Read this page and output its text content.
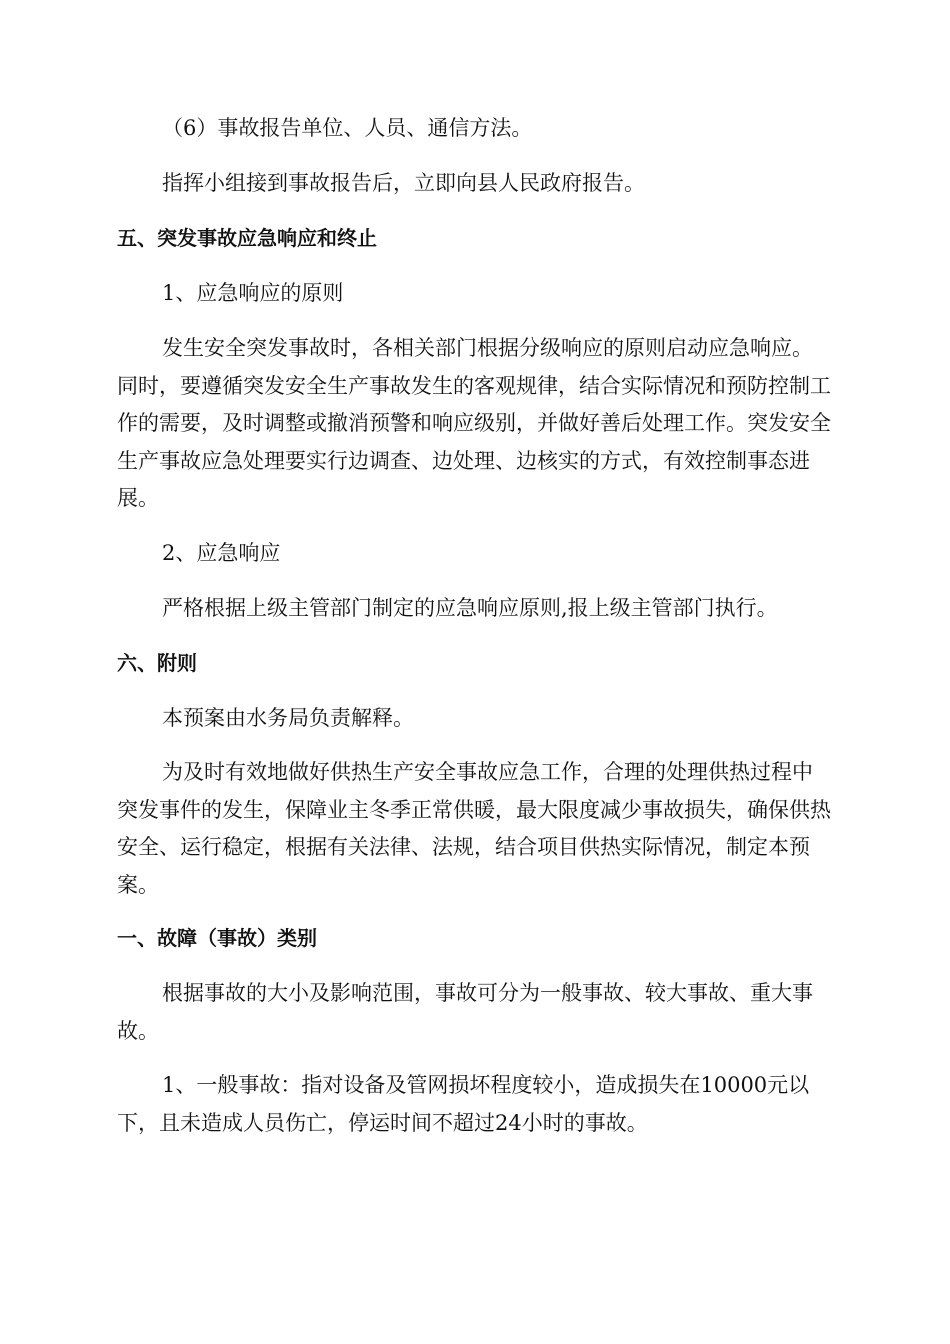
（6）事故报告单位、人员、通信方法。

指挥小组接到事故报告后，立即向县人民政府报告。

五、突发事故应急响应和终止

1、应急响应的原则

发生安全突发事故时，各相关部门根据分级响应的原则启动应急响应。同时，要遵循突发安全生产事故发生的客观规律，结合实际情况和预防控制工作的需要，及时调整或撤消预警和响应级别，并做好善后处理工作。突发安全生产事故应急处理要实行边调查、边处理、边核实的方式，有效控制事态进展。

2、应急响应

严格根据上级主管部门制定的应急响应原则,报上级主管部门执行。

六、附则

本预案由水务局负责解释。

为及时有效地做好供热生产安全事故应急工作，合理的处理供热过程中突发事件的发生，保障业主冬季正常供暖，最大限度减少事故损失，确保供热安全、运行稳定，根据有关法律、法规，结合项目供热实际情况，制定本预案。

一、故障（事故）类别

根据事故的大小及影响范围，事故可分为一般事故、较大事故、重大事故。

1、一般事故：指对设备及管网损坏程度较小，造成损失在10000元以下，且未造成人员伤亡，停运时间不超过24小时的事故。
